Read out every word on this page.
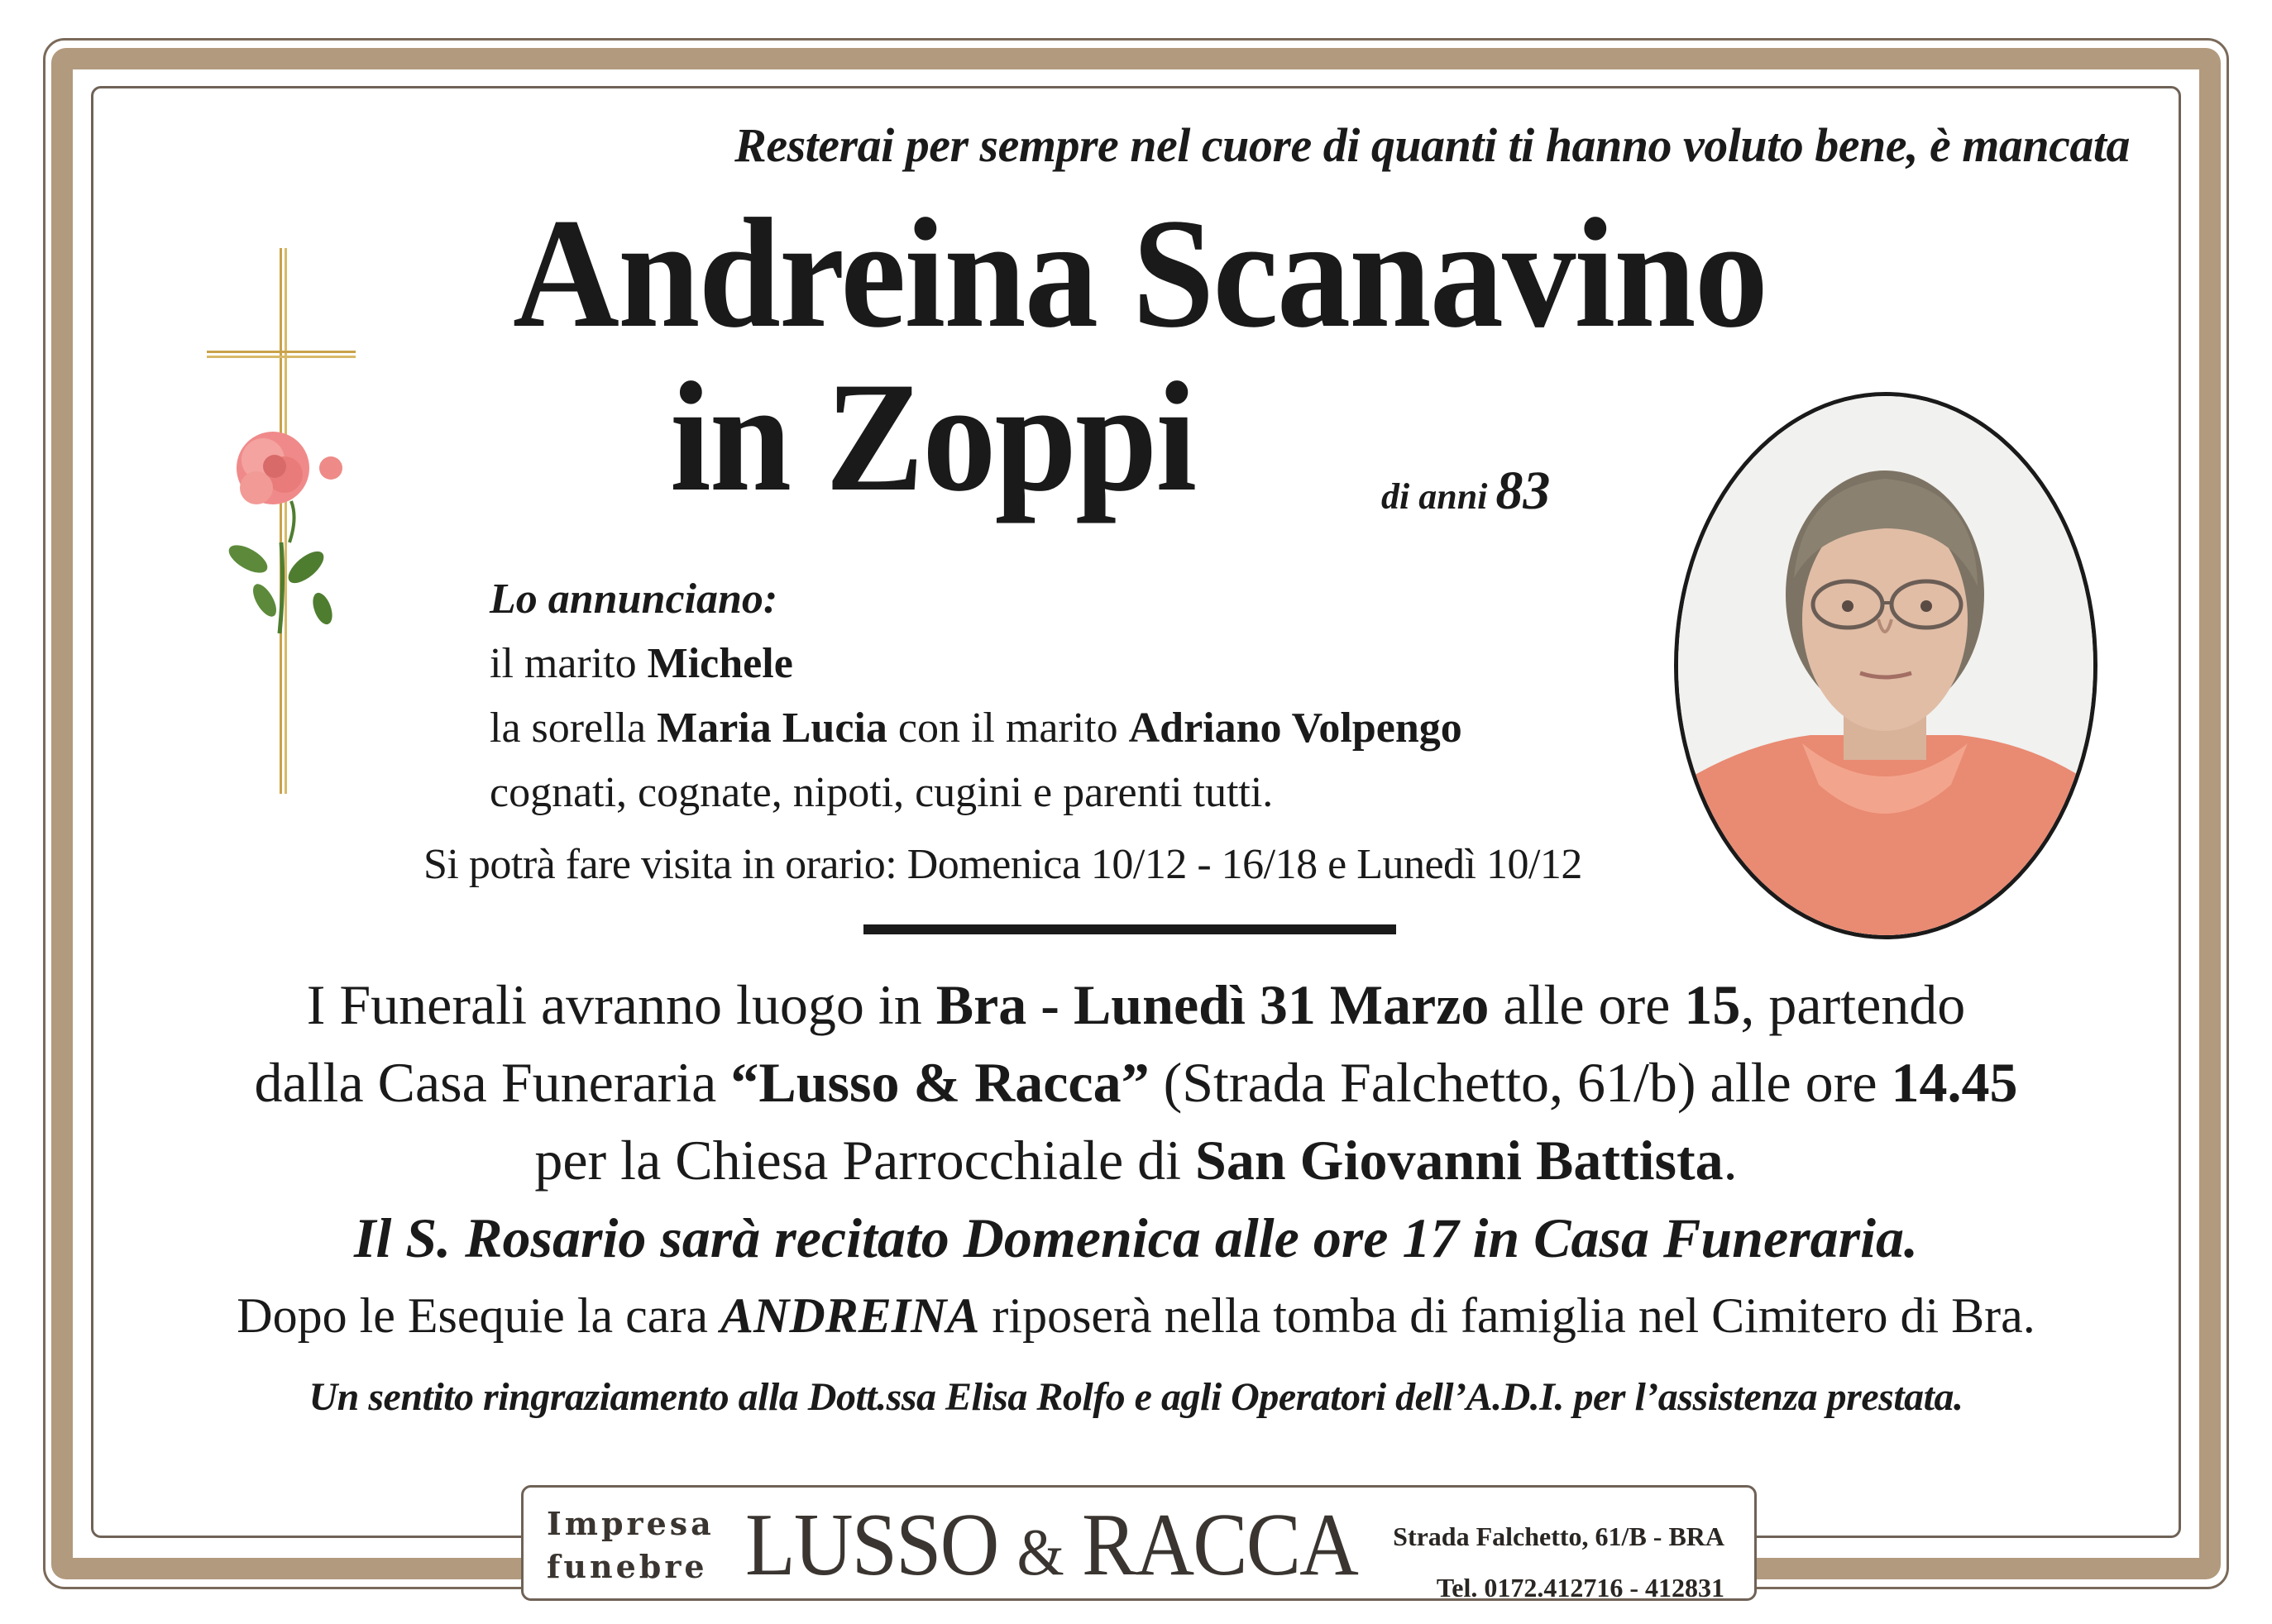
Resterai per sempre nel cuore di quanti ti hanno voluto bene, è mancata
Andreina Scanavino
in Zoppi	di anni 83
Lo annunciano:
il marito Michele
la sorella Maria Lucia con il marito Adriano Volpengo
cognati, cognate, nipoti, cugini e parenti tutti.
Si potrà fare visita in orario: Domenica 10/12 - 16/18 e Lunedì 10/12
I Funerali avranno luogo in Bra - Lunedì 31 Marzo alle ore 15, partendo
dalla Casa Funeraria “Lusso & Racca” (Strada Falchetto, 61/b) alle ore 14.45
per la Chiesa Parrocchiale di San Giovanni Battista.
Il S. Rosario sarà recitato Domenica alle ore 17 in Casa Funeraria.
Dopo le Esequie la cara ANDREINA riposerà nella tomba di famiglia nel Cimitero di Bra.
Un sentito ringraziamento alla Dott.ssa Elisa Rolfo e agli Operatori dell’A.D.I. per l’assistenza prestata.
Impresa
funebre LUSSO & RACCA Strada Falchetto, 61/B - BRA
Tel. 0172.412716 - 412831
